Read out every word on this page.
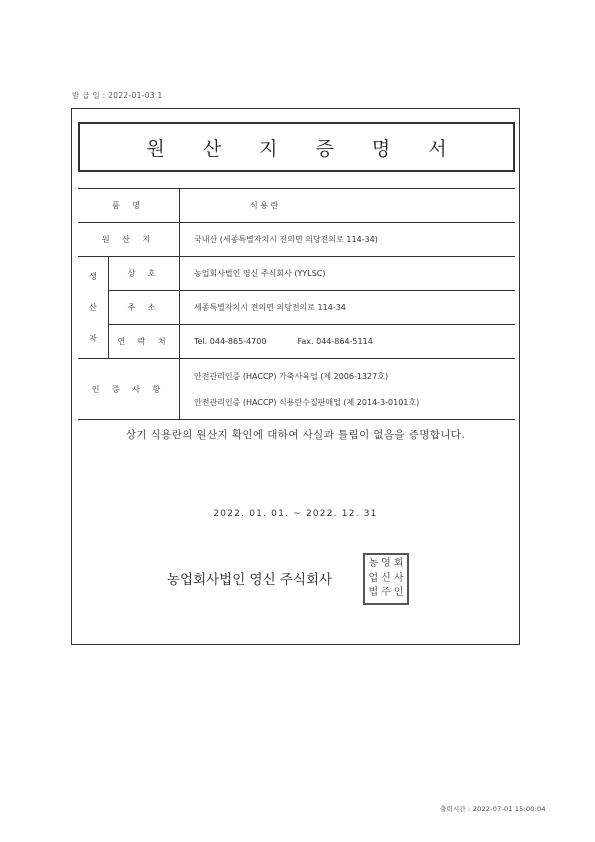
발 급 일 : 2022-01-03 1
원 산 지 증 명 서
품 명		식 용 란
원 산 지		국내산 (세종특별자치시 전의면 의당전의로 114-34)

생
산
자	상 호	농업회사법인 영신 주식회사 (YYLSC)
	주 소	세종특별자치시 전의면 의당전의로 114-34
	연 락 처	Tel. 044-865-4700 Fax. 044-864-5114
인 증 사 항		안전관리인증 (HACCP) 가축사육업 (제 2006-1327호)
안전관리인증 (HACCP) 식용란수집판매업 (제 2014-3-0101호)
상기 식용란의 원산지 확인에 대하여 사실과 틀림이 없음을 증명합니다.
2022. 01. 01. ~ 2022. 12. 31
농업회사법인 영신 주식회사
농 영 회
업 신 사
법 주 인
출력시간 : 2022-07-01 15:00:04
